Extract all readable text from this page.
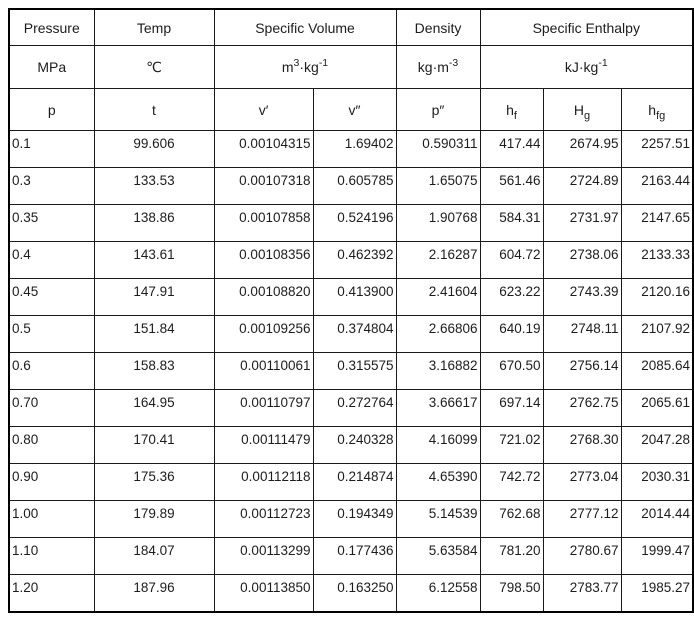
Pressure	Temp	Specific Volume		Density	Specific Enthalpy		
MPa	℃	$m^3\cdot kg^{-1}$		$kg\cdot m^{-3}$	$kJ\cdot kg^{-1}$
p	t	v′	v″	p″	$h_f$	$H_g$	$h_{fg}$
0.1	99.606	0.00104315	1.69402	0.590311	417.44	2674.95	2257.51
0.3	133.53	0.00107318	0.605785	1.65075	561.46	2724.89	2163.44
0.35	138.86	0.00107858	0.524196	1.90768	584.31	2731.97	2147.65
0.4	143.61	0.00108356	0.462392	2.16287	604.72	2738.06	2133.33
0.45	147.91	0.00108820	0.413900	2.41604	623.22	2743.39	2120.16
0.5	151.84	0.00109256	0.374804	2.66806	640.19	2748.11	2107.92
0.6	158.83	0.00110061	0.315575	3.16882	670.50	2756.14	2085.64
0.70	164.95	0.00110797	0.272764	3.66617	697.14	2762.75	2065.61
0.80	170.41	0.00111479	0.240328	4.16099	721.02	2768.30	2047.28
0.90	175.36	0.00112118	0.214874	4.65390	742.72	2773.04	2030.31
1.00	179.89	0.00112723	0.194349	5.14539	762.68	2777.12	2014.44
1.10	184.07	0.00113299	0.177436	5.63584	781.20	2780.67	1999.47
1.20	187.96	0.00113850	0.163250	6.12558	798.50	2783.77	1985.27
